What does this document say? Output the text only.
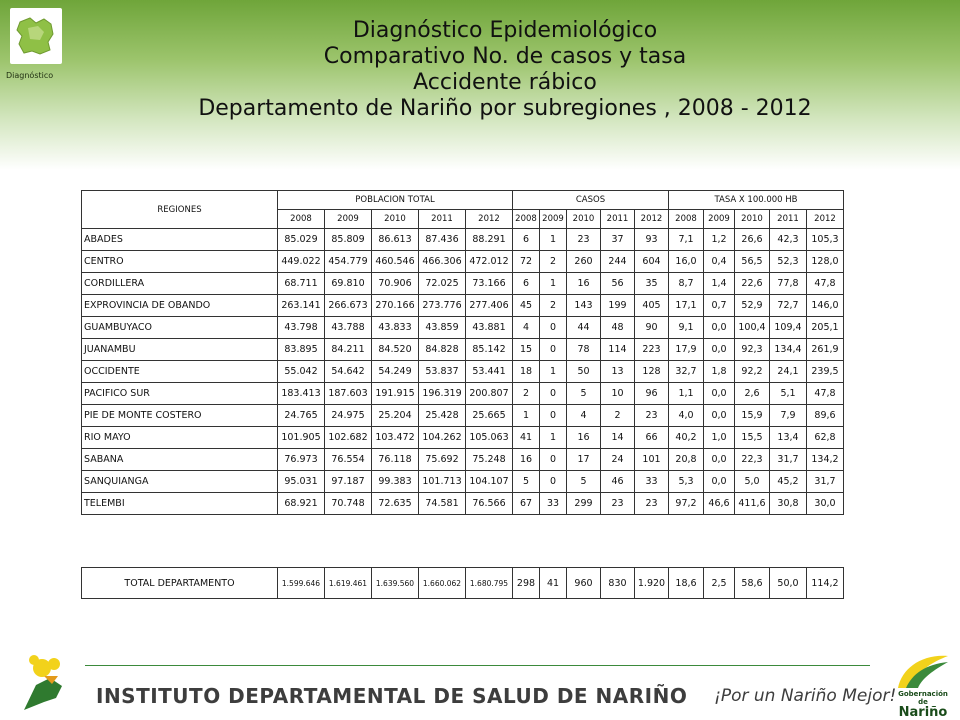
Diagnóstico
Diagnóstico Epidemiológico
Comparativo No. de casos y tasa
Accidente rábico
Departamento de Nariño por subregiones , 2008 - 2012
REGIONES	POBLACION TOTAL					CASOS					TASA X 100.000 HB				
	2008	2009	2010	2011	2012	2008	2009	2010	2011	2012	2008	2009	2010	2011	2012
ABADES	85.029	85.809	86.613	87.436	88.291	6	1	23	37	93	7,1	1,2	26,6	42,3	105,3
CENTRO	449.022	454.779	460.546	466.306	472.012	72	2	260	244	604	16,0	0,4	56,5	52,3	128,0
CORDILLERA	68.711	69.810	70.906	72.025	73.166	6	1	16	56	35	8,7	1,4	22,6	77,8	47,8
EXPROVINCIA DE OBANDO	263.141	266.673	270.166	273.776	277.406	45	2	143	199	405	17,1	0,7	52,9	72,7	146,0
GUAMBUYACO	43.798	43.788	43.833	43.859	43.881	4	0	44	48	90	9,1	0,0	100,4	109,4	205,1
JUANAMBU	83.895	84.211	84.520	84.828	85.142	15	0	78	114	223	17,9	0,0	92,3	134,4	261,9
OCCIDENTE	55.042	54.642	54.249	53.837	53.441	18	1	50	13	128	32,7	1,8	92,2	24,1	239,5
PACIFICO SUR	183.413	187.603	191.915	196.319	200.807	2	0	5	10	96	1,1	0,0	2,6	5,1	47,8
PIE DE MONTE COSTERO	24.765	24.975	25.204	25.428	25.665	1	0	4	2	23	4,0	0,0	15,9	7,9	89,6
RIO MAYO	101.905	102.682	103.472	104.262	105.063	41	1	16	14	66	40,2	1,0	15,5	13,4	62,8
SABANA	76.973	76.554	76.118	75.692	75.248	16	0	17	24	101	20,8	0,0	22,3	31,7	134,2
SANQUIANGA	95.031	97.187	99.383	101.713	104.107	5	0	5	46	33	5,3	0,0	5,0	45,2	31,7
TELEMBI	68.921	70.748	72.635	74.581	76.566	67	33	299	23	23	97,2	46,6	411,6	30,8	30,0
TOTAL DEPARTAMENTO	1.599.646	1.619.461	1.639.560	1.660.062	1.680.795	298	41	960	830	1.920	18,6	2,5	58,6	50,0	114,2
INSTITUTO DEPARTAMENTAL DE SALUD DE NARIÑO ¡Por un Nariño Mejor! Gobernación de
Nariño
